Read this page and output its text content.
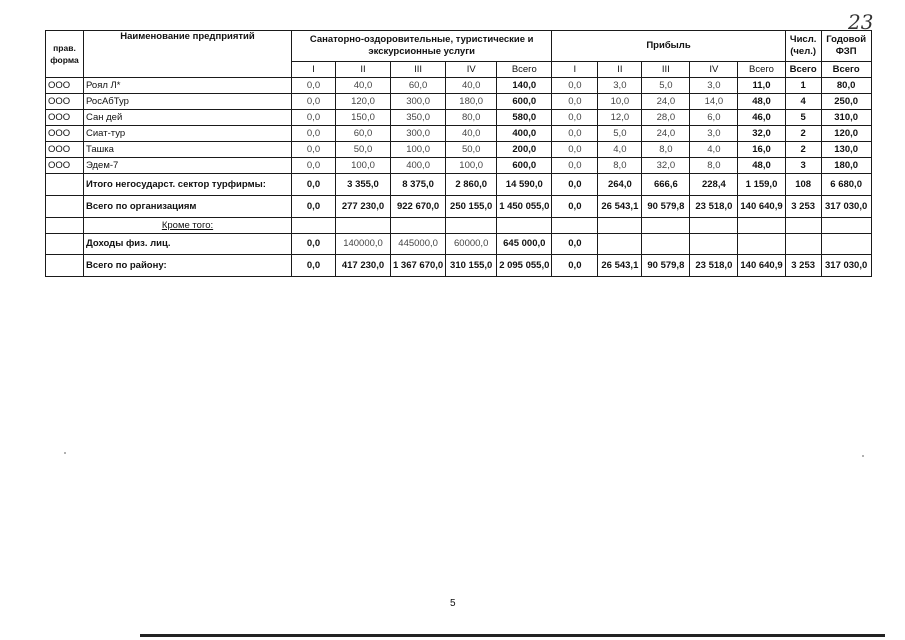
23
прав. форма	Наименование предприятий	Санаторно-оздоровительные, туристические и экскурсионные услуги					Прибыль					Числ. (чел.)	Годовой ФЗП
		I	II	III	IV	Всего	I	II	III	IV	Всего	Всего	Всего
ООО	Роял Л*	0,0	40,0	60,0	40,0	140,0	0,0	3,0	5,0	3,0	11,0	1	80,0
ООО	РосАбТур	0,0	120,0	300,0	180,0	600,0	0,0	10,0	24,0	14,0	48,0	4	250,0
ООО	Сан дей	0,0	150,0	350,0	80,0	580,0	0,0	12,0	28,0	6,0	46,0	5	310,0
ООО	Сиат-тур	0,0	60,0	300,0	40,0	400,0	0,0	5,0	24,0	3,0	32,0	2	120,0
ООО	Ташка	0,0	50,0	100,0	50,0	200,0	0,0	4,0	8,0	4,0	16,0	2	130,0
ООО	Эдем-7	0,0	100,0	400,0	100,0	600,0	0,0	8,0	32,0	8,0	48,0	3	180,0
	Итого негосударст. сектор турфирмы:	0,0	3 355,0	8 375,0	2 860,0	14 590,0	0,0	264,0	666,6	228,4	1 159,0	108	6 680,0
	Всего по организациям	0,0	277 230,0	922 670,0	250 155,0	1 450 055,0	0,0	26 543,1	90 579,8	23 518,0	140 640,9	3 253	317 030,0
	Кроме того:												
	Доходы физ. лиц.	0,0	140000,0	445000,0	60000,0	645 000,0	0,0						
	Всего по району:	0,0	417 230,0	1 367 670,0	310 155,0	2 095 055,0	0,0	26 543,1	90 579,8	23 518,0	140 640,9	3 253	317 030,0
5
